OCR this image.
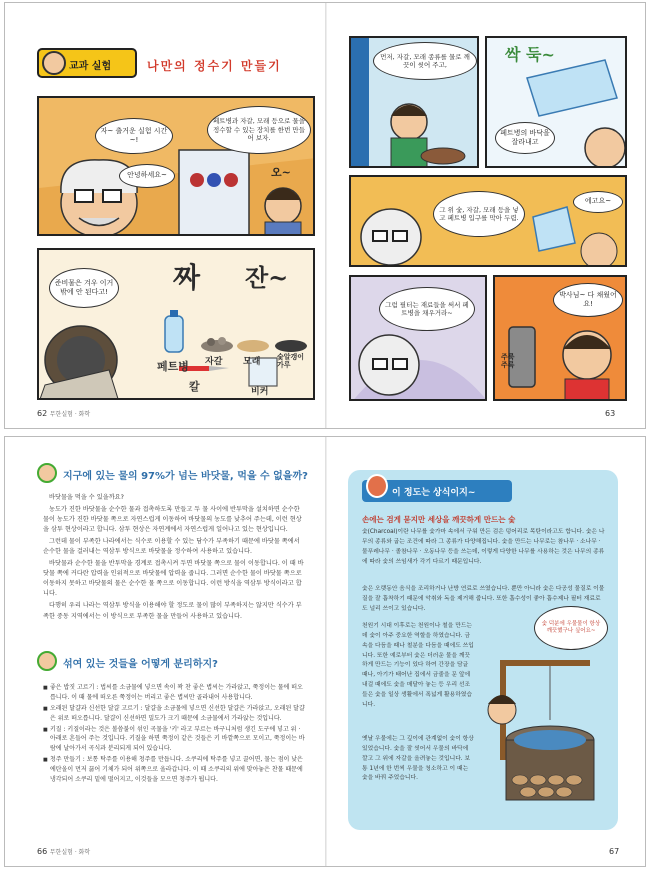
교과 실험	나만의 정수기 만들기
자~ 출거운 실험 시간~!
안녕하세요~
페트병과 자갈, 모래 등으로 물을 정수할 수 있는 장치를 한번 만들어 보자.
오~
준비물은 겨우 이거밖에 안 된다고!	짜 잔~
페트병 자갈 모래 숯알갱이 가루
칼	비커
62 무한실험 · 화학
먼저, 자갈, 모래 종류를 물로 깨끗이 씻어 주고,
싹 둑~
페트병의 바닥을 잘라내고
그 위 숯, 자갈, 모래 등을 넣고 페트병 입구를 막아 두렴.
에고요~
그럼 필터는 재료들을 써서 페트병을 채우거라~
박사님~ 다 채웠어요!
주룩 주륵
63
지구에 있는 물의 97%가 넘는 바닷물, 먹을 수 없을까?

바닷물을 먹을 수 있을까요?

농도가 진한 바닷물을 순수한 물과 접촉하도록 만들고 두 물 사이에 반투막을 설치하면 순수한 물이 농도가 진한 바닷물 쪽으로 자연스럽게 이동하여 바닷물의 농도를 낮추어 주는데, 이런 현상을 삼투 현상이라고 합니다. 삼투 현상은 자연계에서 자연스럽게 일어나고 있는 현상입니다.

그런데 물이 부족한 나라에서는 식수로 이용할 수 있는 담수가 부족하기 때문에 바닷물 쪽에서 순수한 물을 걸러내는 역삼투 방식으로 바닷물을 정수하여 사용하고 있습니다.

바닷물과 순수한 물을 반투막을 경계로 접촉시켜 두면 바닷물 쪽으로 물이 이동합니다. 이 때 바닷물 쪽에 커다란 압력을 인위적으로 바닷물에 압력을 줍니다. 그러면 순수한 물이 바닷물 쪽으로 이동하지 못하고 바닷물의 물은 순수한 물 쪽으로 이동합니다. 이런 방식을 역삼투 방식이라고 합니다.

다행히 우리 나라는 역삼투 방식을 이용해야 할 정도로 물이 많이 부족하지는 않지만 식수가 부족한 중동 지역에서는 이 방식으로 부족한 물을 만들어 사용하고 있습니다.

섞여 있는 것들을 어떻게 분리하지?
■ 좋은 밥짓 고르기 : 법씨를 소금물에 넣으면 속이 꽉 찬 좋은 볍씨는 가라앉고, 쭉정이는 물에 떠오릅니다. 이 때 물에 떠오른 쭉정이는 버리고 좋은 볍씨만 골라내어 사용합니다.
■ 오래된 달걀과 신선한 달걀 고르기 : 달걀을 소금물에 넣으면 신선한 달걀은 가라앉고, 오래된 달걀은 위로 떠오릅니다. 달걀이 신선하면 밀도가 크기 때문에 소금물에서 가라앉는 것입니다.
■ 키질 : 키질이라는 것은 볼씀불이 섞인 곡물을 '키' 라고 부르는 바구니처럼 생긴 도구에 넣고 위 · 아래로 흔들어 주는 것입니다. 키질을 하면 쭉정이 같은 것들은 키 바깥쪽으로 모이고, 쭉정이는 바람에 날아가서 곡식과 분리되게 되어 있습니다.
■ 청주 만들기 : 보통 탁주를 이용해 청주를 만듭니다. 소쿠리에 탁주를 넣고 끌어면, 물는 점이 낮은 에탄올이 먼저 끓어 기체가 되어 위쪽으로 올라갑니다. 이 때 소쿠리의 위에 맞아놓은 찬물 때문에 냉각되어 소쿠리 밑에 떨어지고, 이것들을 모으면 청주가 됩니다.
66 무한실험 · 화학	67
이 정도는 상식이지~
손에는 검게 묻지만 세상을 깨끗하게 만드는 숯
숯(Charcoal)이란 나무를 숯가마 속에서 구워 만든 검은 덩어리로 목탄이라고도 합니다. 숯은 나무의 종류와 굽는 조건에 따라 그 종류가 다양해집니다. 숯을 만드는 나무로는 참나무 · 소나무 · 물푸레나무 · 졸참나무 · 오동나무 등을 쓰는데, 이렇게 다양한 나무를 사용하는 것은 나무의 종류에 따라 숯의 쓰임새가 각기 다르기 때문입니다.
숯은 오랫동안 음식을 조리하거나 난방 연료로 쓰였습니다. 뿐만 아니라 숯은 다공성 물질로 이물질을 잘 흡착하기 때문에 악취와 독을 제거해 줍니다. 또한 흡수성이 좋아 흡수제나 필터 재료로도 널리 쓰이고 있습니다.
천원기 시대 이후로는 천원이나 철을 만드는 데 숯이 아주 중요한 역할을 하였습니다. 금속을 다듬을 때나 철분을 다듬을 때에도 쓰입니다. 또한 예로부터 숯은 더러운 물을 깨끗하게 만드는 기능이 있다 하여 간장을 담글 때나, 아기가 태어난 집에서 금줄을 문 앞에 내걸 때에도 숯을 매달아 놓는 등 우리 선조들은 숯을 일상 생활에서 폭넓게 활용하였습니다.
옛날 우물에는 그 깊이에 관계없이 숯이 항상 있었습니다. 숯을 잘 씻어서 우물의 바닥에 깔고 그 위에 자갈을 올려놓는 것입니다. 보통 1년에 한 번씩 우물을 청소하고 이 때는 숯을 바꿔 주었습니다.
숯 덕분에 우물물이 항상 깨끗했구나 싶어요~
